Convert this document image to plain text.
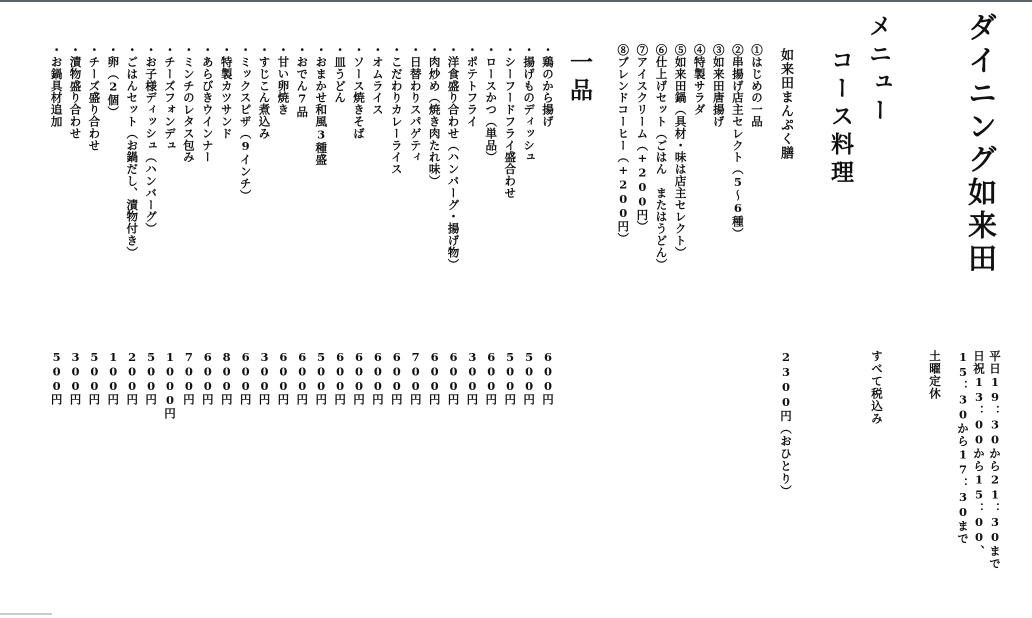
ダイニング如来田
平日19：30から21：30まで
日祝13：00から15：00、
15：30から17：30まで
土曜定休
メニュー
コース料理
すべて税込み
如来田まんぷく膳
2300円（おひとり）
①はじめの一品
②串揚げ店主セレクト（5～6種）
③如来田唐揚げ
④特製サラダ
⑤如来田鍋（具材・味は店主セレクト）
⑥仕上げセット（ごはん　またはうどん）
⑦アイスクリーム（+200円）
⑧ブレンドコーヒー（+200円）
一品
・鶏のから揚げ
600円
・揚げものディッシュ
500円
・シーフードフライ盛合わせ
500円
・ロースかつ（単品）
600円
・ポテトフライ
300円
・洋食盛り合わせ（ハンバーグ・揚げ物）
600円
・肉炒め（焼き肉たれ味）
600円
・日替わりスパゲティ
700円
・こだわりカレーライス
600円
・オムライス
600円
・ソース焼きそば
600円
・皿うどん
600円
・おまかせ和風3種盛
500円
・おでん7品
600円
・甘い卵焼き
600円
・すじこん煮込み
300円
・ミックスピザ（9インチ）
600円
・特製カツサンド
800円
・あらびきウインナー
600円
・ミンチのレタス包み
700円
・チーズフォンデュ
1000円
・お子様ディッシュ（ハンバーグ）
500円
・ごはんセット（お鍋だし、漬物付き）
200円
・卵（2個）
100円
・チーズ盛り合わせ
500円
・漬物盛り合わせ
300円
・お鍋具材追加
500円
